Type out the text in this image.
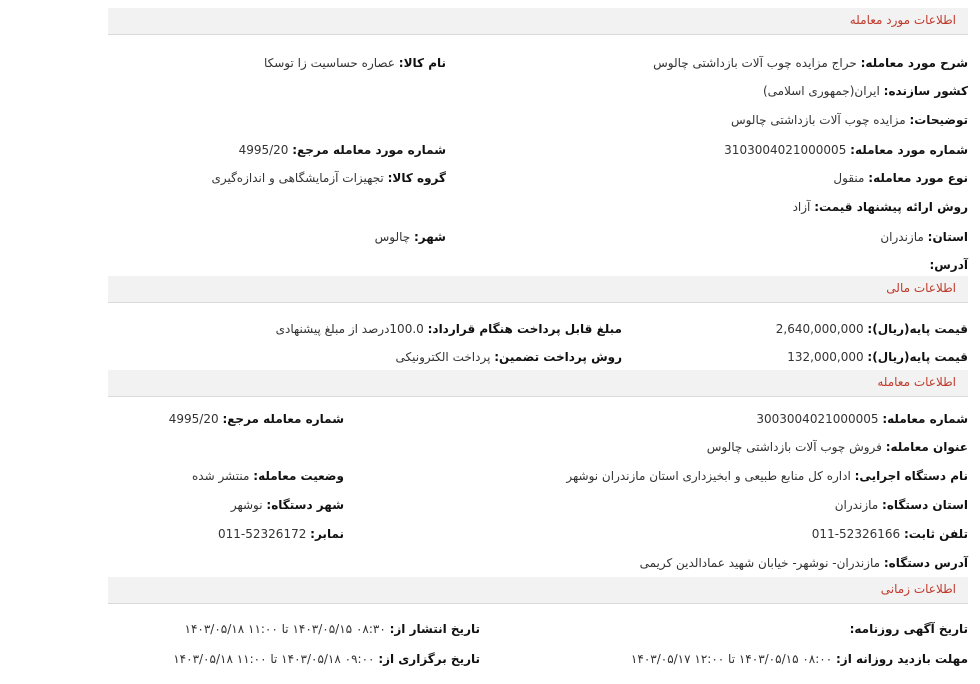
اطلاعات مورد معامله
شرح مورد معامله: حراج مزایده چوب آلات بازداشتی چالوس
نام کالا: عصاره حساسیت زا توسکا
کشور سازنده: ایران(جمهوری اسلامی)
توضیحات: مزایده چوب آلات بازداشتی چالوس
شماره مورد معامله: 3103004021000005
شماره مورد معامله مرجع: 4995/20
نوع مورد معامله: منقول
گروه کالا: تجهیزات آزمایشگاهی و اندازه‌گیری
روش ارائه پیشنهاد قیمت: آزاد
استان: مازندران
شهر: چالوس
آدرس:
اطلاعات مالی
قیمت پایه(ریال): 2,640,000,000
مبلغ قابل پرداخت هنگام قرارداد: 100.0درصد از مبلغ پیشنهادی
قیمت پایه(ریال): 132,000,000
روش پرداخت تضمین: پرداخت الکترونیکی
اطلاعات معامله
شماره معامله: 3003004021000005
شماره معامله مرجع: 4995/20
عنوان معامله: فروش چوب آلات بازداشتی چالوس
نام دستگاه اجرایی: اداره کل منابع طبیعی و ابخیزداری استان مازندران نوشهر
وضعیت معامله: منتشر شده
استان دستگاه: مازندران
شهر دستگاه: نوشهر
تلفن ثابت: 52326166-011
نمابر: 52326172-011
آدرس دستگاه: مازندران- نوشهر- خیابان شهید عمادالدین کریمی
اطلاعات زمانی
تاریخ آگهی روزنامه:
تاریخ انتشار از: ۰۸:۳۰ ۱۴۰۳/۰۵/۱۵ تا ۱۱:۰۰ ۱۴۰۳/۰۵/۱۸
مهلت بازدید روزانه از: ۰۸:۰۰ ۱۴۰۳/۰۵/۱۵ تا ۱۲:۰۰ ۱۴۰۳/۰۵/۱۷
تاریخ برگزاری از: ۰۹:۰۰ ۱۴۰۳/۰۵/۱۸ تا ۱۱:۰۰ ۱۴۰۳/۰۵/۱۸
